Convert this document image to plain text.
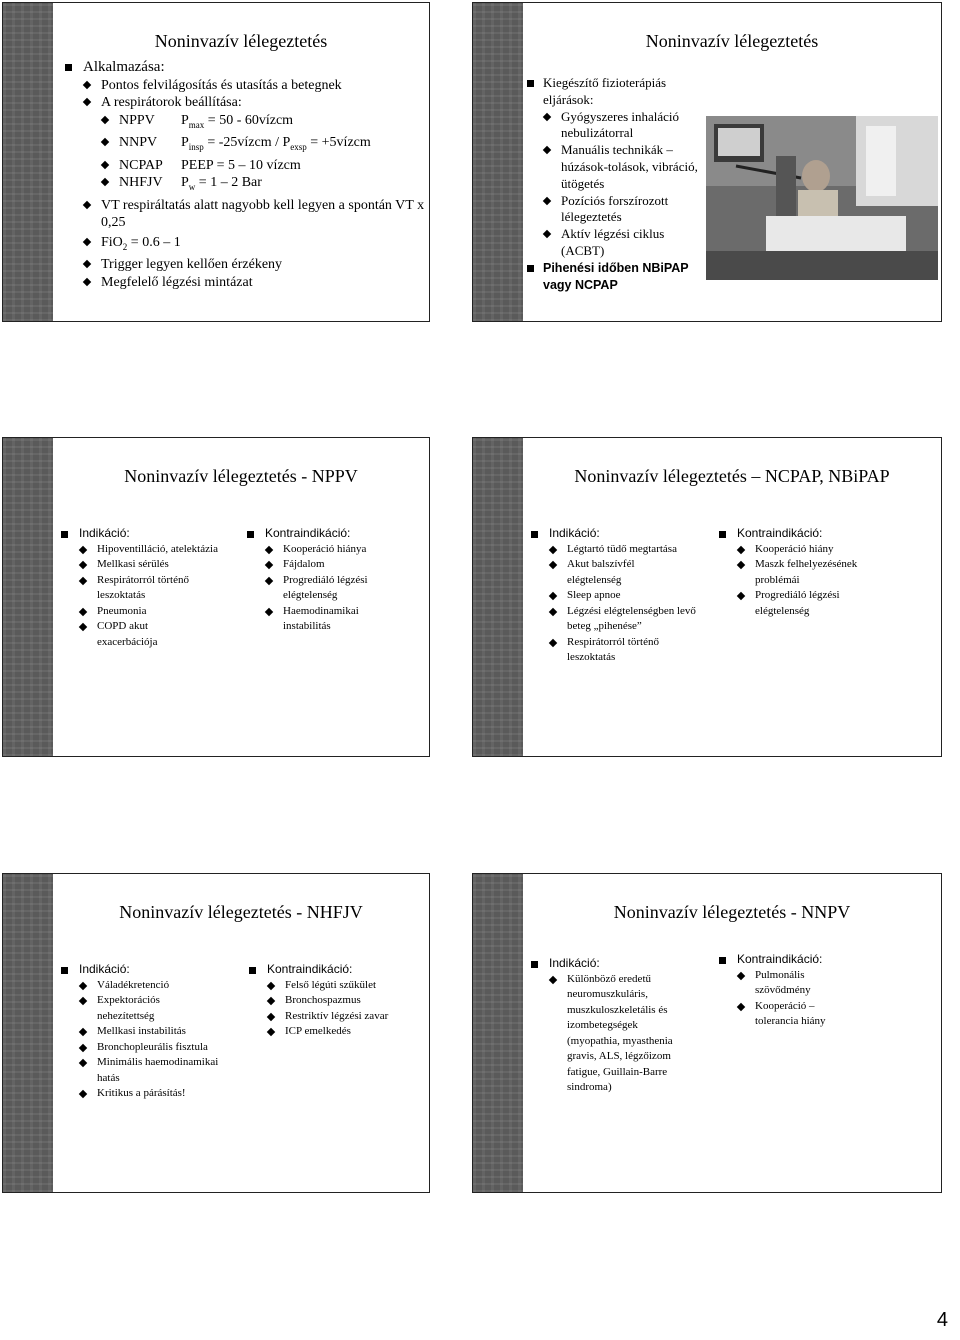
Noninvazív lélegeztetés
Alkalmazása:
Pontos felvilágosítás és utasítás a betegnek
A respirátorok beállítása:
NPPV $P_{max} = 50$ - 60vízcm
NNPV $P_{insp}$ = -25vízcm / $P_{exsp}$ = +5vízcm
NCPAP PEEP = 5 – 10 vízcm
NHFJV $P_w = 1 - 2$ Bar
VT respiráltatás alatt nagyobb kell legyen a spontán VT x 0,25
FiO$_2$ = 0.6 – 1
Trigger legyen kellően érzékeny
Megfelelő légzési mintázat
Noninvazív lélegeztetés
Kiegészítő fizioterápiás eljárások:
Gyógyszeres inhaláció nebulizátorral
Manuális technikák – húzások-tolások, vibráció, ütögetés
Pozíciós forszírozott lélegeztetés
Aktív légzési ciklus (ACBT)
Pihenési időben NBiPAP vagy NCPAP
Noninvazív lélegeztetés - NPPV
Indikáció:
Hipoventilláció, atelektázia
Mellkasi sérülés
Respirátorról történő leszoktatás
Pneumonia
COPD akut exacerbációja
Kontraindikáció:
Kooperáció hiánya
Fájdalom
Progrediáló légzési elégtelenség
Haemodinamikai instabilitás
Noninvazív lélegeztetés – NCPAP, NBiPAP
Indikáció:
Légtartó tüdő megtartása
Akut balszívfél elégtelenség
Sleep apnoe
Légzési elégtelenségben levő beteg „pihenése”
Respirátorról történő leszoktatás
Kontraindikáció:
Kooperáció hiány
Maszk felhelyezésének problémái
Progrediáló légzési elégtelenség
Noninvazív lélegeztetés - NHFJV
Indikáció:
Váladékretenció
Expektorációs nehezítettség
Mellkasi instabilitás
Bronchopleurális fisztula
Minimális haemodinamikai hatás
Kritikus a párásítás!
Kontraindikáció:
Felső légúti szűkület
Bronchospazmus
Restriktív légzési zavar
ICP emelkedés
Noninvazív lélegeztetés - NNPV
Indikáció:
Különböző eredetű neuromuszkuláris, muszkuloszkeletális és izombetegségek (myopathia, myasthenia gravis, ALS, légzőizom fatigue, Guillain-Barre sindroma)
Kontraindikáció:
Pulmonális szövődmény
Kooperáció – tolerancia hiány
4
